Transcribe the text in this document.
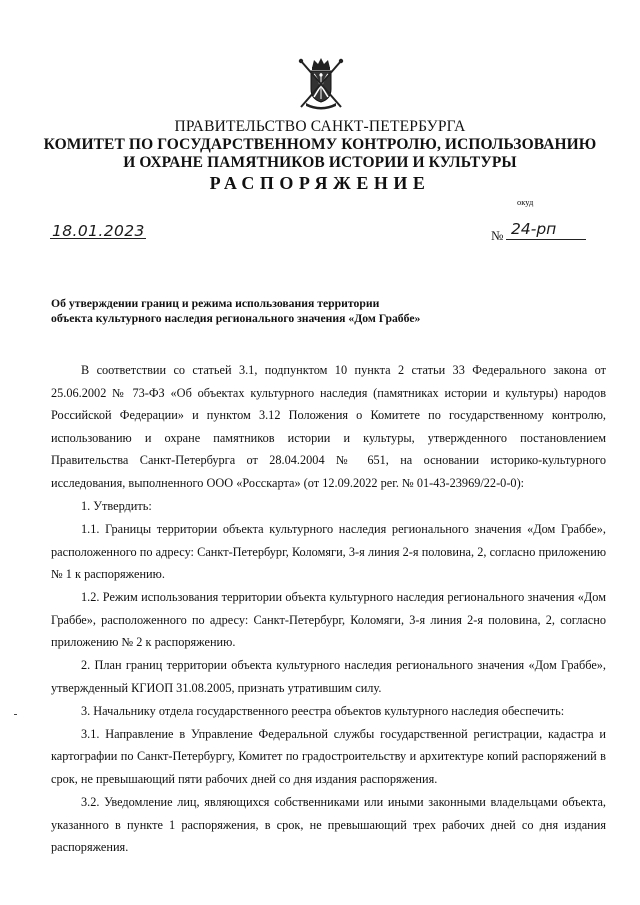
ПРАВИТЕЛЬСТВО САНКТ-ПЕТЕРБУРГА
КОМИТЕТ ПО ГОСУДАРСТВЕННОМУ КОНТРОЛЮ, ИСПОЛЬЗОВАНИЮ
И ОХРАНЕ ПАМЯТНИКОВ ИСТОРИИ И КУЛЬТУРЫ
РАСПОРЯЖЕНИЕ
окуд
18.01.2023	№ 24-рп
Об утверждении границ и режима использования территории
объекта культурного наследия регионального значения «Дом Граббе»

В соответствии со статьей 3.1, подпунктом 10 пункта 2 статьи 33 Федерального закона от 25.06.2002 № 73-ФЗ «Об объектах культурного наследия (памятниках истории и культуры) народов Российской Федерации» и пунктом 3.12 Положения о Комитете по государственному контролю, использованию и охране памятников истории и культуры, утвержденного постановлением Правительства Санкт-Петербурга от 28.04.2004 № 651, на основании историко-культурного исследования, выполненного ООО «Росскарта» (от 12.09.2022 рег. № 01-43-23969/22-0-0):

1. Утвердить:

1.1. Границы территории объекта культурного наследия регионального значения «Дом Граббе», расположенного по адресу: Санкт-Петербург, Коломяги, 3-я линия 2-я половина, 2, согласно приложению № 1 к распоряжению.

1.2. Режим использования территории объекта культурного наследия регионального значения «Дом Граббе», расположенного по адресу: Санкт-Петербург, Коломяги, 3-я линия 2-я половина, 2, согласно приложению № 2 к распоряжению.

2. План границ территории объекта культурного наследия регионального значения «Дом Граббе», утвержденный КГИОП 31.08.2005, признать утратившим силу.

3. Начальнику отдела государственного реестра объектов культурного наследия обеспечить:

3.1. Направление в Управление Федеральной службы государственной регистрации, кадастра и картографии по Санкт-Петербургу, Комитет по градостроительству и архитектуре копий распоряжений в срок, не превышающий пяти рабочих дней со дня издания распоряжения.

3.2. Уведомление лиц, являющихся собственниками или иными законными владельцами объекта, указанного в пункте 1 распоряжения, в срок, не превышающий трех рабочих дней со дня издания распоряжения.
